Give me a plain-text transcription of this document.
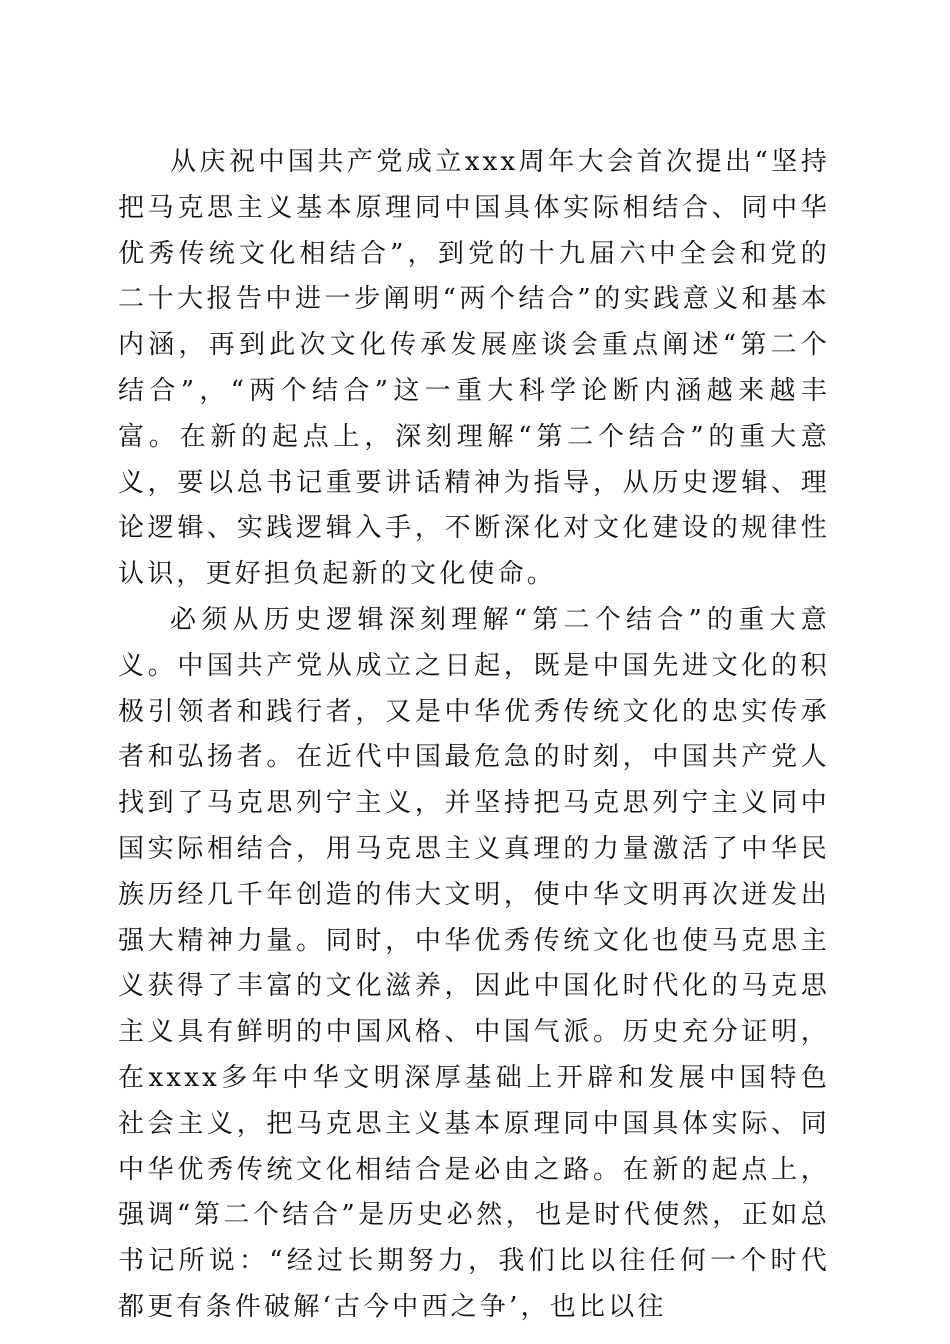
从庆祝中国共产党成立xxx周年大会首次提出“坚持把马克思主义基本原理同中国具体实际相结合、同中华优秀传统文化相结合”，到党的十九届六中全会和党的二十大报告中进一步阐明“两个结合”的实践意义和基本内涵，再到此次文化传承发展座谈会重点阐述“第二个结合”，“两个结合”这一重大科学论断内涵越来越丰富。在新的起点上，深刻理解“第二个结合”的重大意义，要以总书记重要讲话精神为指导，从历史逻辑、理论逻辑、实践逻辑入手，不断深化对文化建设的规律性认识，更好担负起新的文化使命。

必须从历史逻辑深刻理解“第二个结合”的重大意义。中国共产党从成立之日起，既是中国先进文化的积极引领者和践行者，又是中华优秀传统文化的忠实传承者和弘扬者。在近代中国最危急的时刻，中国共产党人找到了马克思列宁主义，并坚持把马克思列宁主义同中国实际相结合，用马克思主义真理的力量激活了中华民族历经几千年创造的伟大文明，使中华文明再次迸发出强大精神力量。同时，中华优秀传统文化也使马克思主义获得了丰富的文化滋养，因此中国化时代化的马克思主义具有鲜明的中国风格、中国气派。历史充分证明，在xxxx多年中华文明深厚基础上开辟和发展中国特色社会主义，把马克思主义基本原理同中国具体实际、同中华优秀传统文化相结合是必由之路。在新的起点上，强调“第二个结合”是历史必然，也是时代使然，正如总书记所说：“经过长期努力，我们比以往任何一个时代都更有条件破解‘古今中西之争’，也比以往
